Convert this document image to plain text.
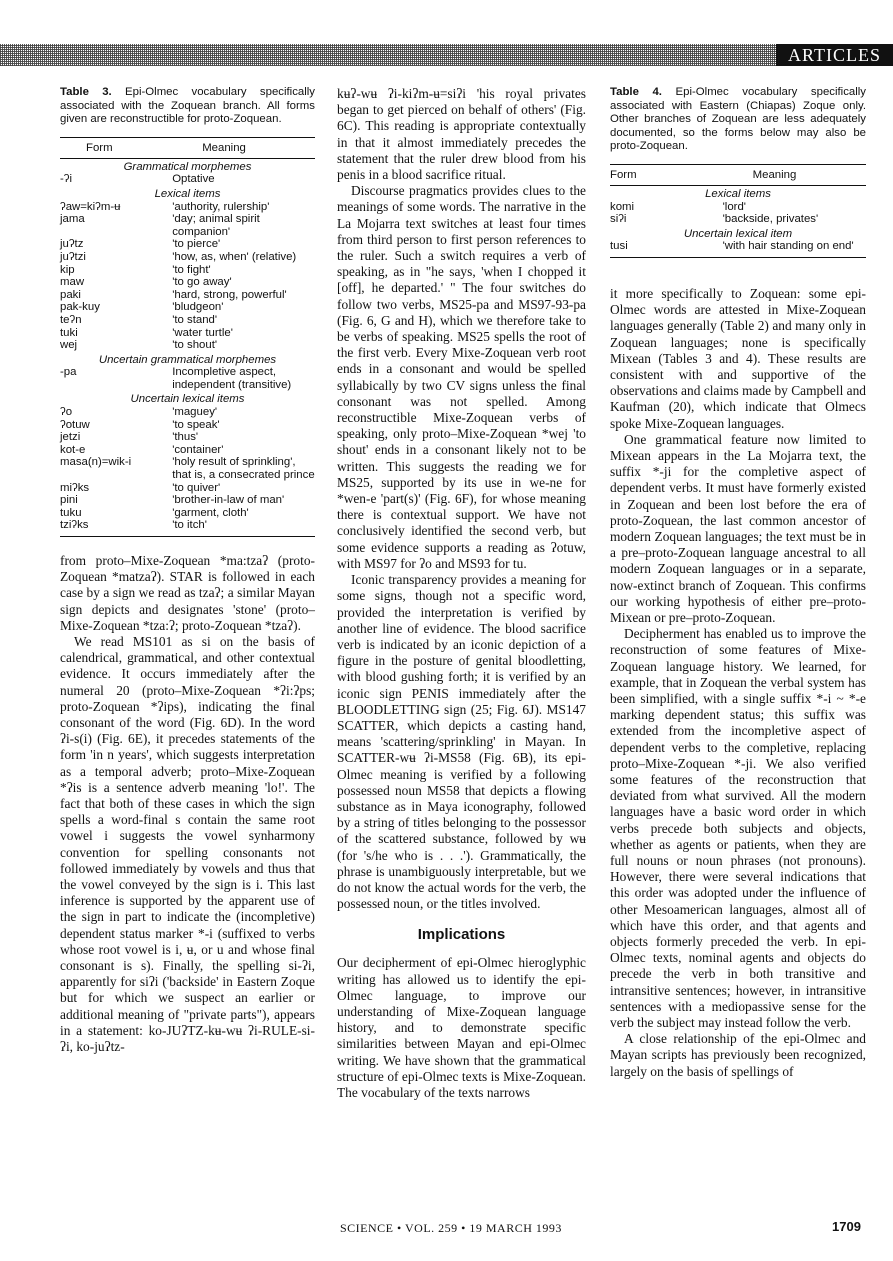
ARTICLES

Table 3. Epi-Olmec vocabulary specifically associated with the Zoquean branch. All forms given are reconstructible for proto-Zoquean.

Form	Meaning
Grammatical morphemes	
-ʔi	Optative
Lexical items	
ʔaw=kiʔm-ʉ	'authority, rulership'
jama	'day; animal spirit companion'
juʔtz	'to pierce'
juʔtzi	'how, as, when' (relative)
kip	'to fight'
maw	'to go away'
paki	'hard, strong, powerful'
pak-kuy	'bludgeon'
teʔn	'to stand'
tuki	'water turtle'
wej	'to shout'
Uncertain grammatical morphemes	
-pa	Incompletive aspect, independent (transitive)
Uncertain lexical items	
ʔo	'maguey'
ʔotuw	'to speak'
jetzi	'thus'
kot-e	'container'
masa(n)=wik-i	'holy result of sprinkling', that is, a consecrated prince
miʔks	'to quiver'
pini	'brother-in-law of man'
tuku	'garment, cloth'
tziʔks	'to itch'

from proto–Mixe-Zoquean *ma:tzaʔ (proto-Zoquean *matzaʔ). STAR is followed in each case by a sign we read as tzaʔ; a similar Mayan sign depicts and designates 'stone' (proto–Mixe-Zoquean *tza:ʔ; proto-Zoquean *tzaʔ).

We read MS101 as si on the basis of calendrical, grammatical, and other contextual evidence. It occurs immediately after the numeral 20 (proto–Mixe-Zoquean *ʔi:ʔps; proto-Zoquean *ʔips), indicating the final consonant of the word (Fig. 6D). In the word ʔi-s(i) (Fig. 6E), it precedes statements of the form 'in n years', which suggests interpretation as a temporal adverb; proto–Mixe-Zoquean *ʔis is a sentence adverb meaning 'lo!'. The fact that both of these cases in which the sign spells a word-final s contain the same root vowel i suggests the vowel synharmony convention for spelling consonants not followed immediately by vowels and thus that the vowel conveyed by the sign is i. This last inference is supported by the apparent use of the sign in part to indicate the (incompletive) dependent status marker *-i (suffixed to verbs whose root vowel is i, ʉ, or u and whose final consonant is s). Finally, the spelling si-ʔi, apparently for siʔi ('backside' in Eastern Zoque but for which we suspect an earlier or additional meaning of "private parts"), appears in a statement: ko-JUʔTZ-kʉ-wʉ ʔi-RULE-si-ʔi, ko-juʔtz-

kʉʔ-wʉ ʔi-kiʔm-ʉ=siʔi 'his royal privates began to get pierced on behalf of others' (Fig. 6C). This reading is appropriate contextually in that it almost immediately precedes the statement that the ruler drew blood from his penis in a blood sacrifice ritual.

Discourse pragmatics provides clues to the meanings of some words. The narrative in the La Mojarra text switches at least four times from third person to first person references to the ruler. Such a switch requires a verb of speaking, as in "he says, 'when I chopped it [off], he departed.' " The four switches do follow two verbs, MS25-pa and MS97-93-pa (Fig. 6, G and H), which we therefore take to be verbs of speaking. MS25 spells the root of the first verb. Every Mixe-Zoquean verb root ends in a consonant and would be spelled syllabically by two CV signs unless the final consonant was not spelled. Among reconstructible Mixe-Zoquean verbs of speaking, only proto–Mixe-Zoquean *wej 'to shout' ends in a consonant likely not to be written. This suggests the reading we for MS25, supported by its use in we-ne for *wen-e 'part(s)' (Fig. 6F), for whose meaning there is contextual support. We have not conclusively identified the second verb, but some evidence supports a reading as ʔotuw, with MS97 for ʔo and MS93 for tu.

Iconic transparency provides a meaning for some signs, though not a specific word, provided the interpretation is verified by another line of evidence. The blood sacrifice verb is indicated by an iconic depiction of a figure in the posture of genital bloodletting, with blood gushing forth; it is verified by an iconic sign PENIS immediately after the BLOODLETTING sign (25; Fig. 6J). MS147 SCATTER, which depicts a casting hand, means 'scattering/sprinkling' in Mayan. In SCATTER-wʉ ʔi-MS58 (Fig. 6B), its epi-Olmec meaning is verified by a following possessed noun MS58 that depicts a flowing substance as in Maya iconography, followed by a string of titles belonging to the possessor of the scattered substance, followed by wʉ (for 's/he who is . . .'). Grammatically, the phrase is unambiguously interpretable, but we do not know the actual words for the verb, the possessed noun, or the titles involved.

Implications

Our decipherment of epi-Olmec hieroglyphic writing has allowed us to identify the epi-Olmec language, to improve our understanding of Mixe-Zoquean language history, and to demonstrate specific similarities between Mayan and epi-Olmec writing. We have shown that the grammatical structure of epi-Olmec texts is Mixe-Zoquean. The vocabulary of the texts narrows

Table 4. Epi-Olmec vocabulary specifically associated with Eastern (Chiapas) Zoque only. Other branches of Zoquean are less adequately documented, so the forms below may also be proto-Zoquean.

Form	Meaning
Lexical items	
komi	'lord'
siʔi	'backside, privates'
Uncertain lexical item	
tusi	'with hair standing on end'

it more specifically to Zoquean: some epi-Olmec words are attested in Mixe-Zoquean languages generally (Table 2) and many only in Zoquean languages; none is specifically Mixean (Tables 3 and 4). These results are consistent with and supportive of the observations and claims made by Campbell and Kaufman (20), which indicate that Olmecs spoke Mixe-Zoquean languages.

One grammatical feature now limited to Mixean appears in the La Mojarra text, the suffix *-ji for the completive aspect of dependent verbs. It must have formerly existed in Zoquean and been lost before the era of proto-Zoquean, the last common ancestor of modern Zoquean languages; the text must be in a pre–proto-Zoquean language ancestral to all modern Zoquean languages or in a separate, now-extinct branch of Zoquean. This confirms our working hypothesis of either pre–proto-Mixean or pre–proto-Zoquean.

Decipherment has enabled us to improve the reconstruction of some features of Mixe-Zoquean language history. We learned, for example, that in Zoquean the verbal system has been simplified, with a single suffix *-i ~ *-e marking dependent status; this suffix was extended from the incompletive aspect of dependent verbs to the completive, replacing proto–Mixe-Zoquean *-ji. We also verified some features of the reconstruction that deviated from what survived. All the modern languages have a basic word order in which verbs precede both subjects and objects, whether as agents or patients, when they are full nouns or noun phrases (not pronouns). However, there were several indications that this order was adopted under the influence of other Mesoamerican languages, almost all of which have this order, and that agents and objects formerly preceded the verb. In epi-Olmec texts, nominal agents and objects do precede the verb in both transitive and intransitive sentences; however, in intransitive sentences with a mediopassive sense for the verb the subject may instead follow the verb.

A close relationship of the epi-Olmec and Mayan scripts has previously been recognized, largely on the basis of spellings of

SCIENCE • VOL. 259 • 19 MARCH 1993	1709
